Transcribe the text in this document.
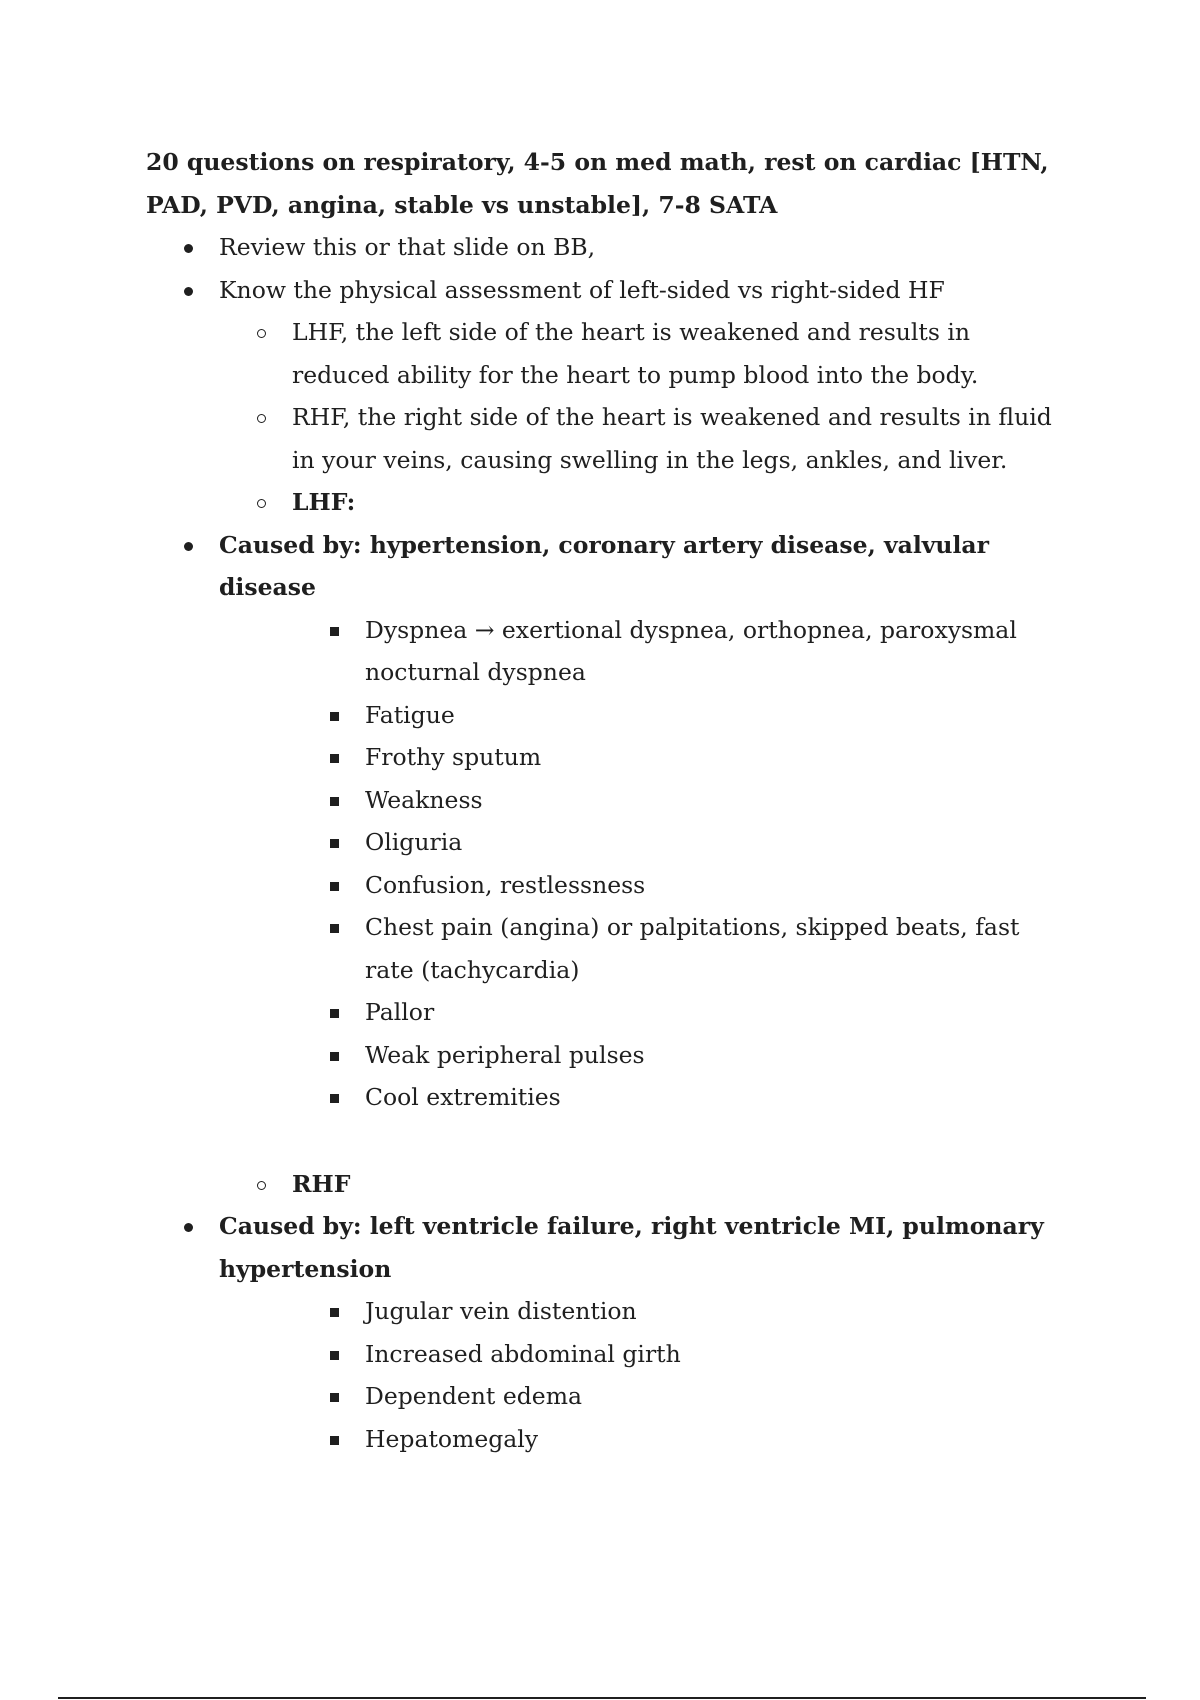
20 questions on respiratory, 4-5 on med math, rest on cardiac [HTN, PAD, PVD, angina, stable vs unstable], 7-8 SATA

Review this or that slide on BB,
Know the physical assessment of left-sided vs right-sided HF
LHF, the left side of the heart is weakened and results in reduced ability for the heart to pump blood into the body.
RHF, the right side of the heart is weakened and results in fluid in your veins, causing swelling in the legs, ankles, and liver.
LHF:
Caused by: hypertension, coronary artery disease, valvular disease
Dyspnea → exertional dyspnea, orthopnea, paroxysmal nocturnal dyspnea
Fatigue
Frothy sputum
Weakness
Oliguria
Confusion, restlessness
Chest pain (angina) or palpitations, skipped beats, fast rate (tachycardia)
Pallor
Weak peripheral pulses
Cool extremities
RHF
Caused by: left ventricle failure, right ventricle MI, pulmonary hypertension
Jugular vein distention
Increased abdominal girth
Dependent edema
Hepatomegaly
